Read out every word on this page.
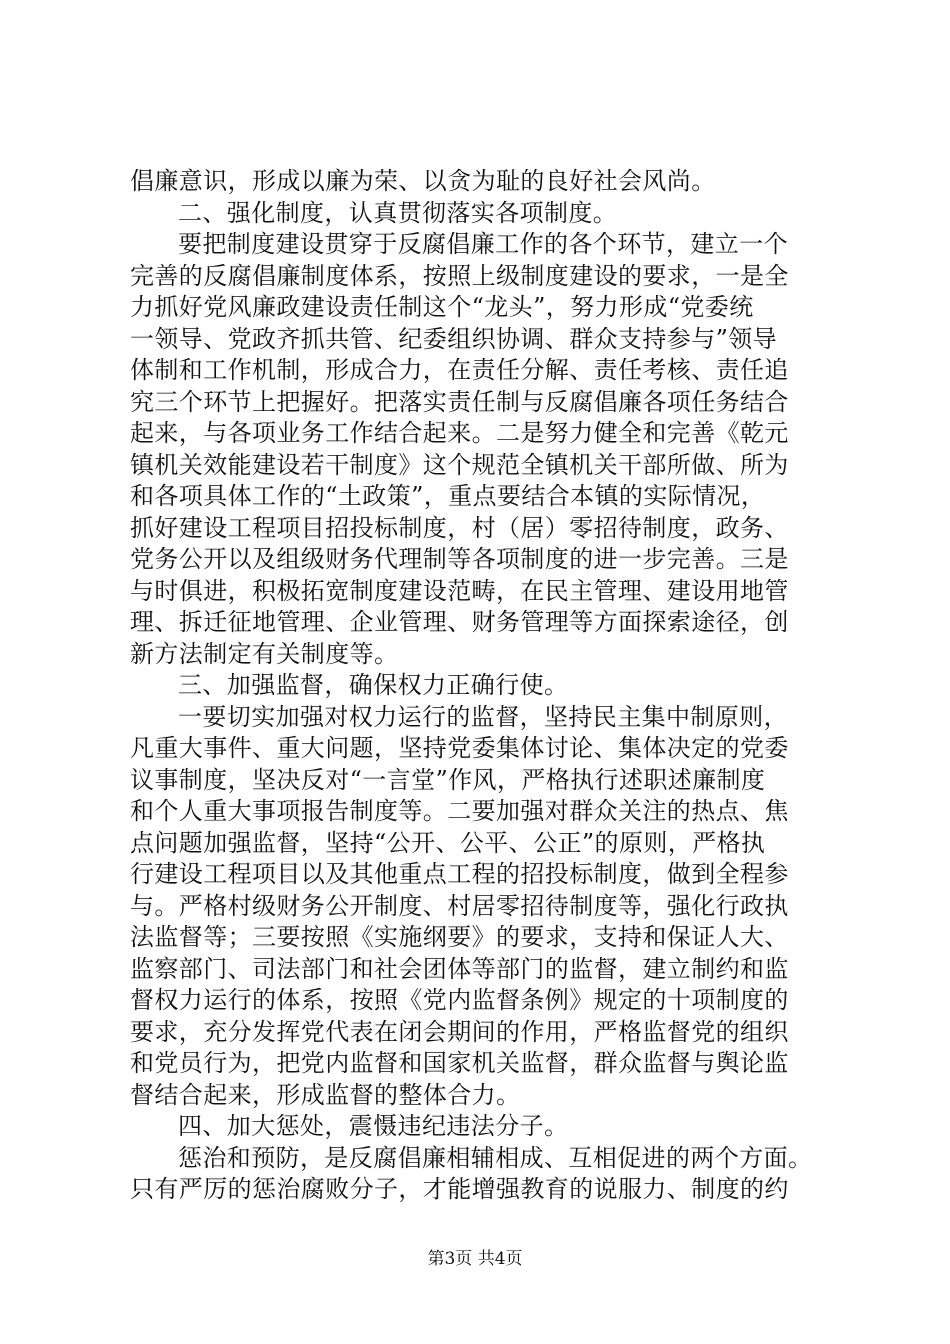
倡廉意识，形成以廉为荣、以贪为耻的良好社会风尚。
二、强化制度，认真贯彻落实各项制度。
要把制度建设贯穿于反腐倡廉工作的各个环节，建立一个
完善的反腐倡廉制度体系，按照上级制度建设的要求，一是全
力抓好党风廉政建设责任制这个“龙头”，努力形成“党委统
一领导、党政齐抓共管、纪委组织协调、群众支持参与”领导
体制和工作机制，形成合力，在责任分解、责任考核、责任追
究三个环节上把握好。把落实责任制与反腐倡廉各项任务结合
起来，与各项业务工作结合起来。二是努力健全和完善《乾元
镇机关效能建设若干制度》这个规范全镇机关干部所做、所为
和各项具体工作的“土政策”，重点要结合本镇的实际情况，
抓好建设工程项目招投标制度，村（居）零招待制度，政务、
党务公开以及组级财务代理制等各项制度的进一步完善。三是
与时俱进，积极拓宽制度建设范畴，在民主管理、建设用地管
理、拆迁征地管理、企业管理、财务管理等方面探索途径，创
新方法制定有关制度等。
三、加强监督，确保权力正确行使。
一要切实加强对权力运行的监督，坚持民主集中制原则，
凡重大事件、重大问题，坚持党委集体讨论、集体决定的党委
议事制度，坚决反对“一言堂”作风，严格执行述职述廉制度
和个人重大事项报告制度等。二要加强对群众关注的热点、焦
点问题加强监督，坚持“公开、公平、公正”的原则，严格执
行建设工程项目以及其他重点工程的招投标制度，做到全程参
与。严格村级财务公开制度、村居零招待制度等，强化行政执
法监督等；三要按照《实施纲要》的要求，支持和保证人大、
监察部门、司法部门和社会团体等部门的监督，建立制约和监
督权力运行的体系，按照《党内监督条例》规定的十项制度的
要求，充分发挥党代表在闭会期间的作用，严格监督党的组织
和党员行为，把党内监督和国家机关监督，群众监督与舆论监
督结合起来，形成监督的整体合力。
四、加大惩处，震慑违纪违法分子。
惩治和预防，是反腐倡廉相辅相成、互相促进的两个方面。
只有严厉的惩治腐败分子，才能增强教育的说服力、制度的约
第3页 共4页
